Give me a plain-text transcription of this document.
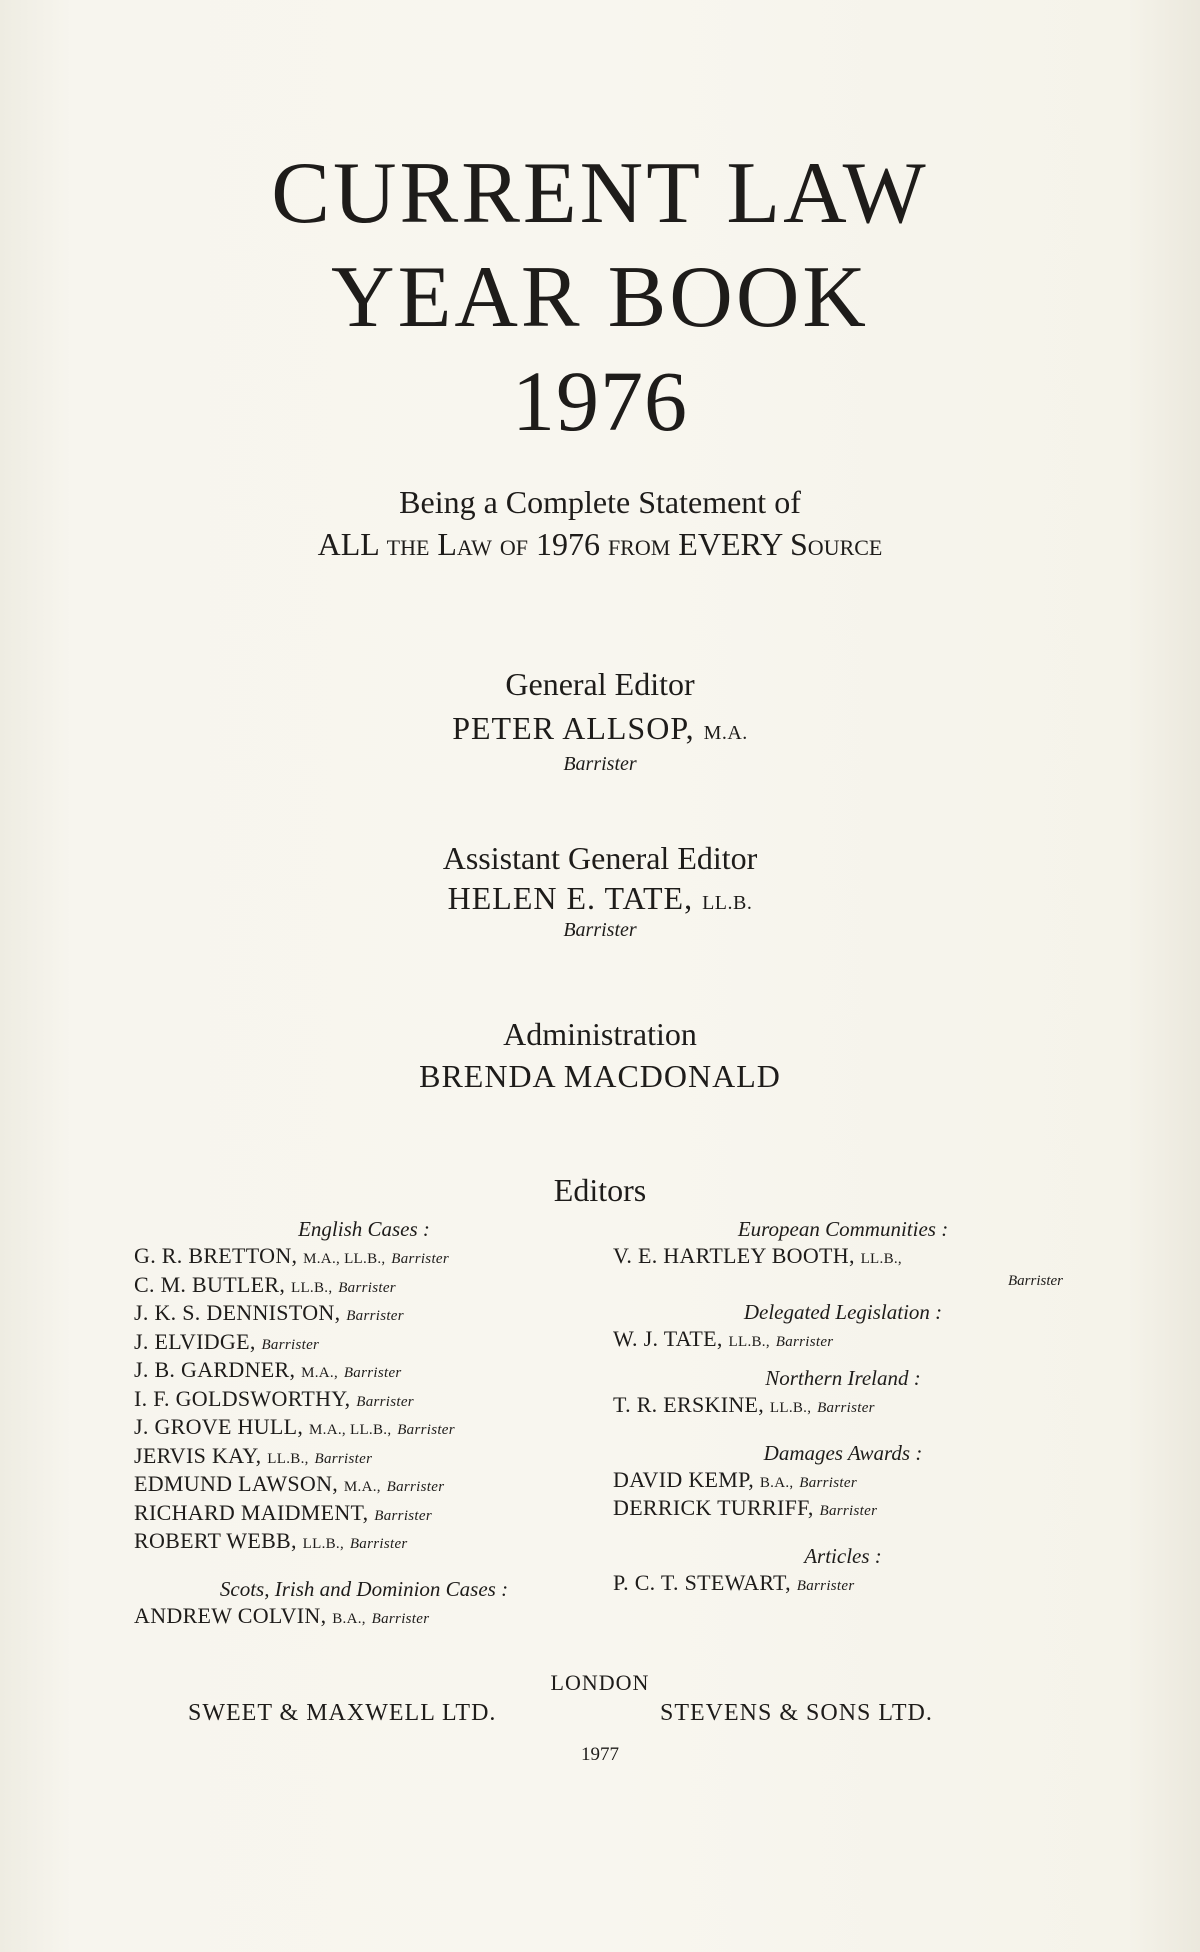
CURRENT LAW
YEAR BOOK
1976
Being a Complete Statement of
ALL the Law of 1976 from EVERY Source
General Editor
PETER ALLSOP, M.A.
Barrister
Assistant General Editor
HELEN E. TATE, LL.B.
Barrister
Administration
BRENDA MACDONALD
Editors
English Cases :
G. R. BRETTON, M.A., LL.B., Barrister
C. M. BUTLER, LL.B., Barrister
J. K. S. DENNISTON, Barrister
J. ELVIDGE, Barrister
J. B. GARDNER, M.A., Barrister
I. F. GOLDSWORTHY, Barrister
J. GROVE HULL, M.A., LL.B., Barrister
JERVIS KAY, LL.B., Barrister
EDMUND LAWSON, M.A., Barrister
RICHARD MAIDMENT, Barrister
ROBERT WEBB, LL.B., Barrister
Scots, Irish and Dominion Cases :
ANDREW COLVIN, B.A., Barrister
European Communities :
V. E. HARTLEY BOOTH, LL.B.,
Barrister
Delegated Legislation :
W. J. TATE, LL.B., Barrister
Northern Ireland :
T. R. ERSKINE, LL.B., Barrister
Damages Awards :
DAVID KEMP, B.A., Barrister
DERRICK TURRIFF, Barrister
Articles :
P. C. T. STEWART, Barrister
LONDON
SWEET & MAXWELL LTD.	STEVENS & SONS LTD.
1977
